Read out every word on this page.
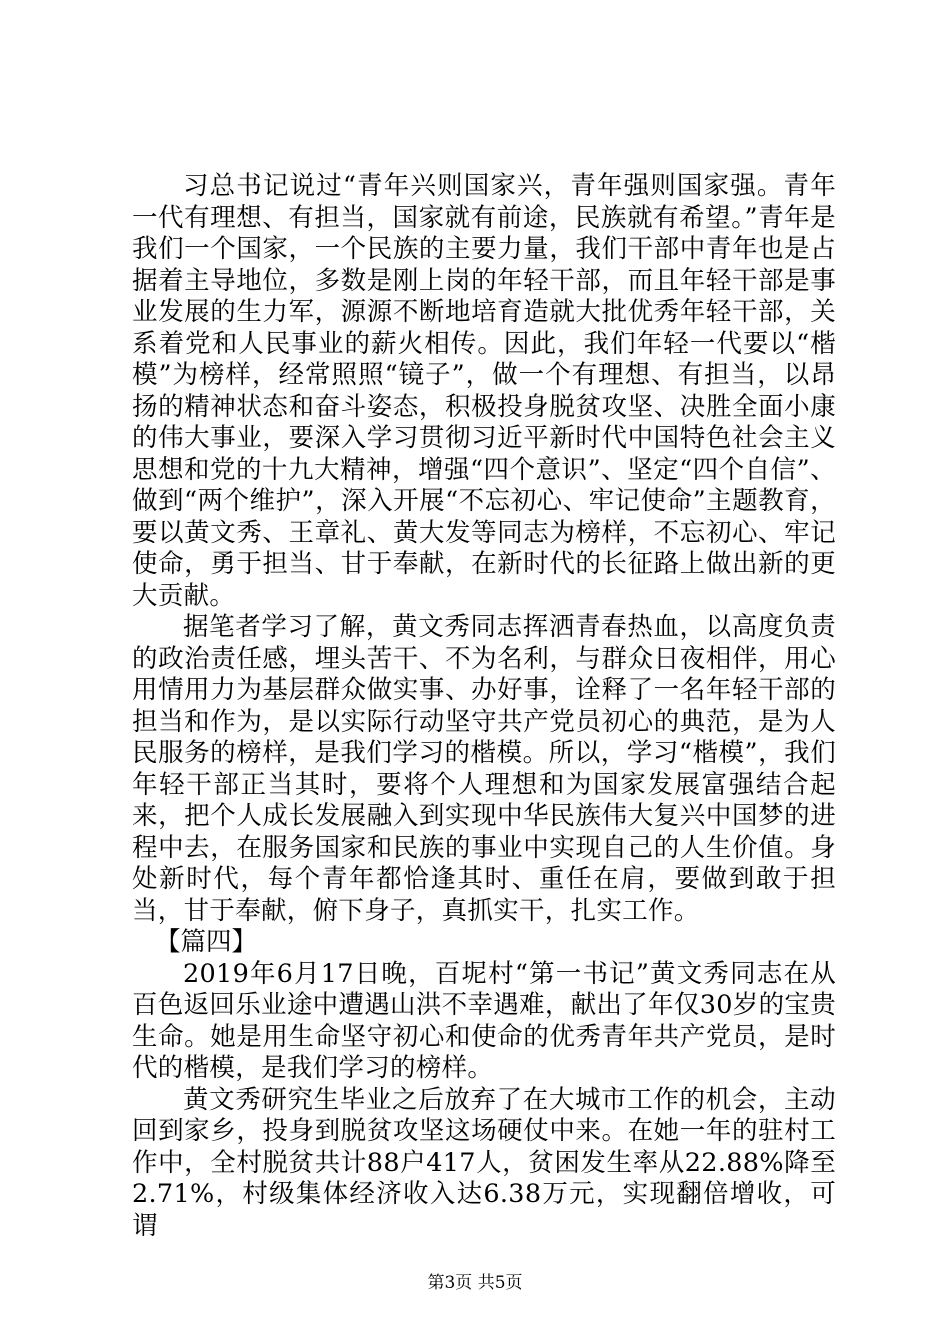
习总书记说过“青年兴则国家兴，青年强则国家强。青年一代有理想、有担当，国家就有前途，民族就有希望。”青年是我们一个国家，一个民族的主要力量，我们干部中青年也是占据着主导地位，多数是刚上岗的年轻干部，而且年轻干部是事业发展的生力军，源源不断地培育造就大批优秀年轻干部，关系着党和人民事业的薪火相传。因此，我们年轻一代要以“楷模”为榜样，经常照照“镜子”，做一个有理想、有担当，以昂扬的精神状态和奋斗姿态，积极投身脱贫攻坚、决胜全面小康的伟大事业，要深入学习贯彻习近平新时代中国特色社会主义思想和党的十九大精神，增强“四个意识”、坚定“四个自信”、做到“两个维护”，深入开展“不忘初心、牢记使命”主题教育，要以黄文秀、王章礼、黄大发等同志为榜样，不忘初心、牢记使命，勇于担当、甘于奉献，在新时代的长征路上做出新的更大贡献。

据笔者学习了解，黄文秀同志挥洒青春热血，以高度负责的政治责任感，埋头苦干、不为名利，与群众日夜相伴，用心用情用力为基层群众做实事、办好事，诠释了一名年轻干部的担当和作为，是以实际行动坚守共产党员初心的典范，是为人民服务的榜样，是我们学习的楷模。所以，学习“楷模”，我们年轻干部正当其时，要将个人理想和为国家发展富强结合起来，把个人成长发展融入到实现中华民族伟大复兴中国梦的进程中去，在服务国家和民族的事业中实现自己的人生价值。身处新时代，每个青年都恰逢其时、重任在肩，要做到敢于担当，甘于奉献，俯下身子，真抓实干，扎实工作。

【篇四】

2019年6月17日晚，百坭村“第一书记”黄文秀同志在从百色返回乐业途中遭遇山洪不幸遇难，献出了年仅30岁的宝贵生命。她是用生命坚守初心和使命的优秀青年共产党员，是时代的楷模，是我们学习的榜样。

黄文秀研究生毕业之后放弃了在大城市工作的机会，主动回到家乡，投身到脱贫攻坚这场硬仗中来。在她一年的驻村工作中，全村脱贫共计88户417人，贫困发生率从22.88%降至2.71%，村级集体经济收入达6.38万元，实现翻倍增收，可谓

第3页 共5页
